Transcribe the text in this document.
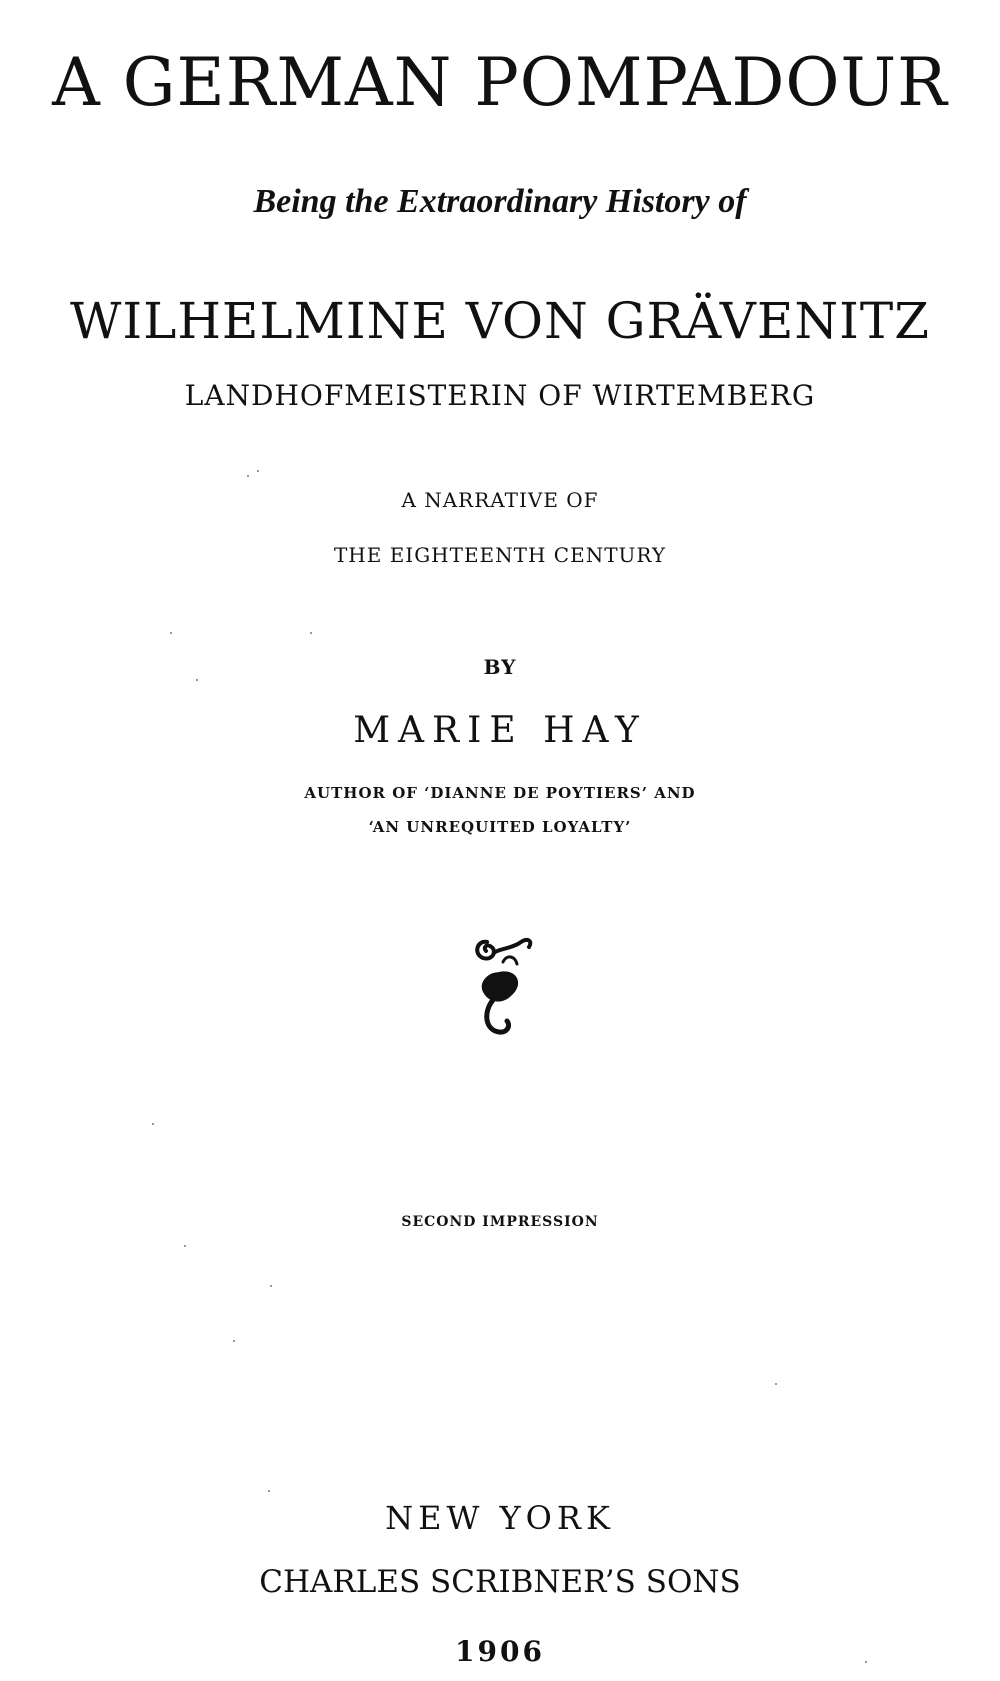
A GERMAN POMPADOUR
Being the Extraordinary History of
WILHELMINE VON GRÄVENITZ
LANDHOFMEISTERIN OF WIRTEMBERG
A NARRATIVE OF
THE EIGHTEENTH CENTURY
BY
MARIE HAY
AUTHOR OF ‘DIANNE DE POYTIERS’ AND
‘AN UNREQUITED LOYALTY’
SECOND IMPRESSION
NEW YORK
CHARLES SCRIBNER’S SONS
1906
